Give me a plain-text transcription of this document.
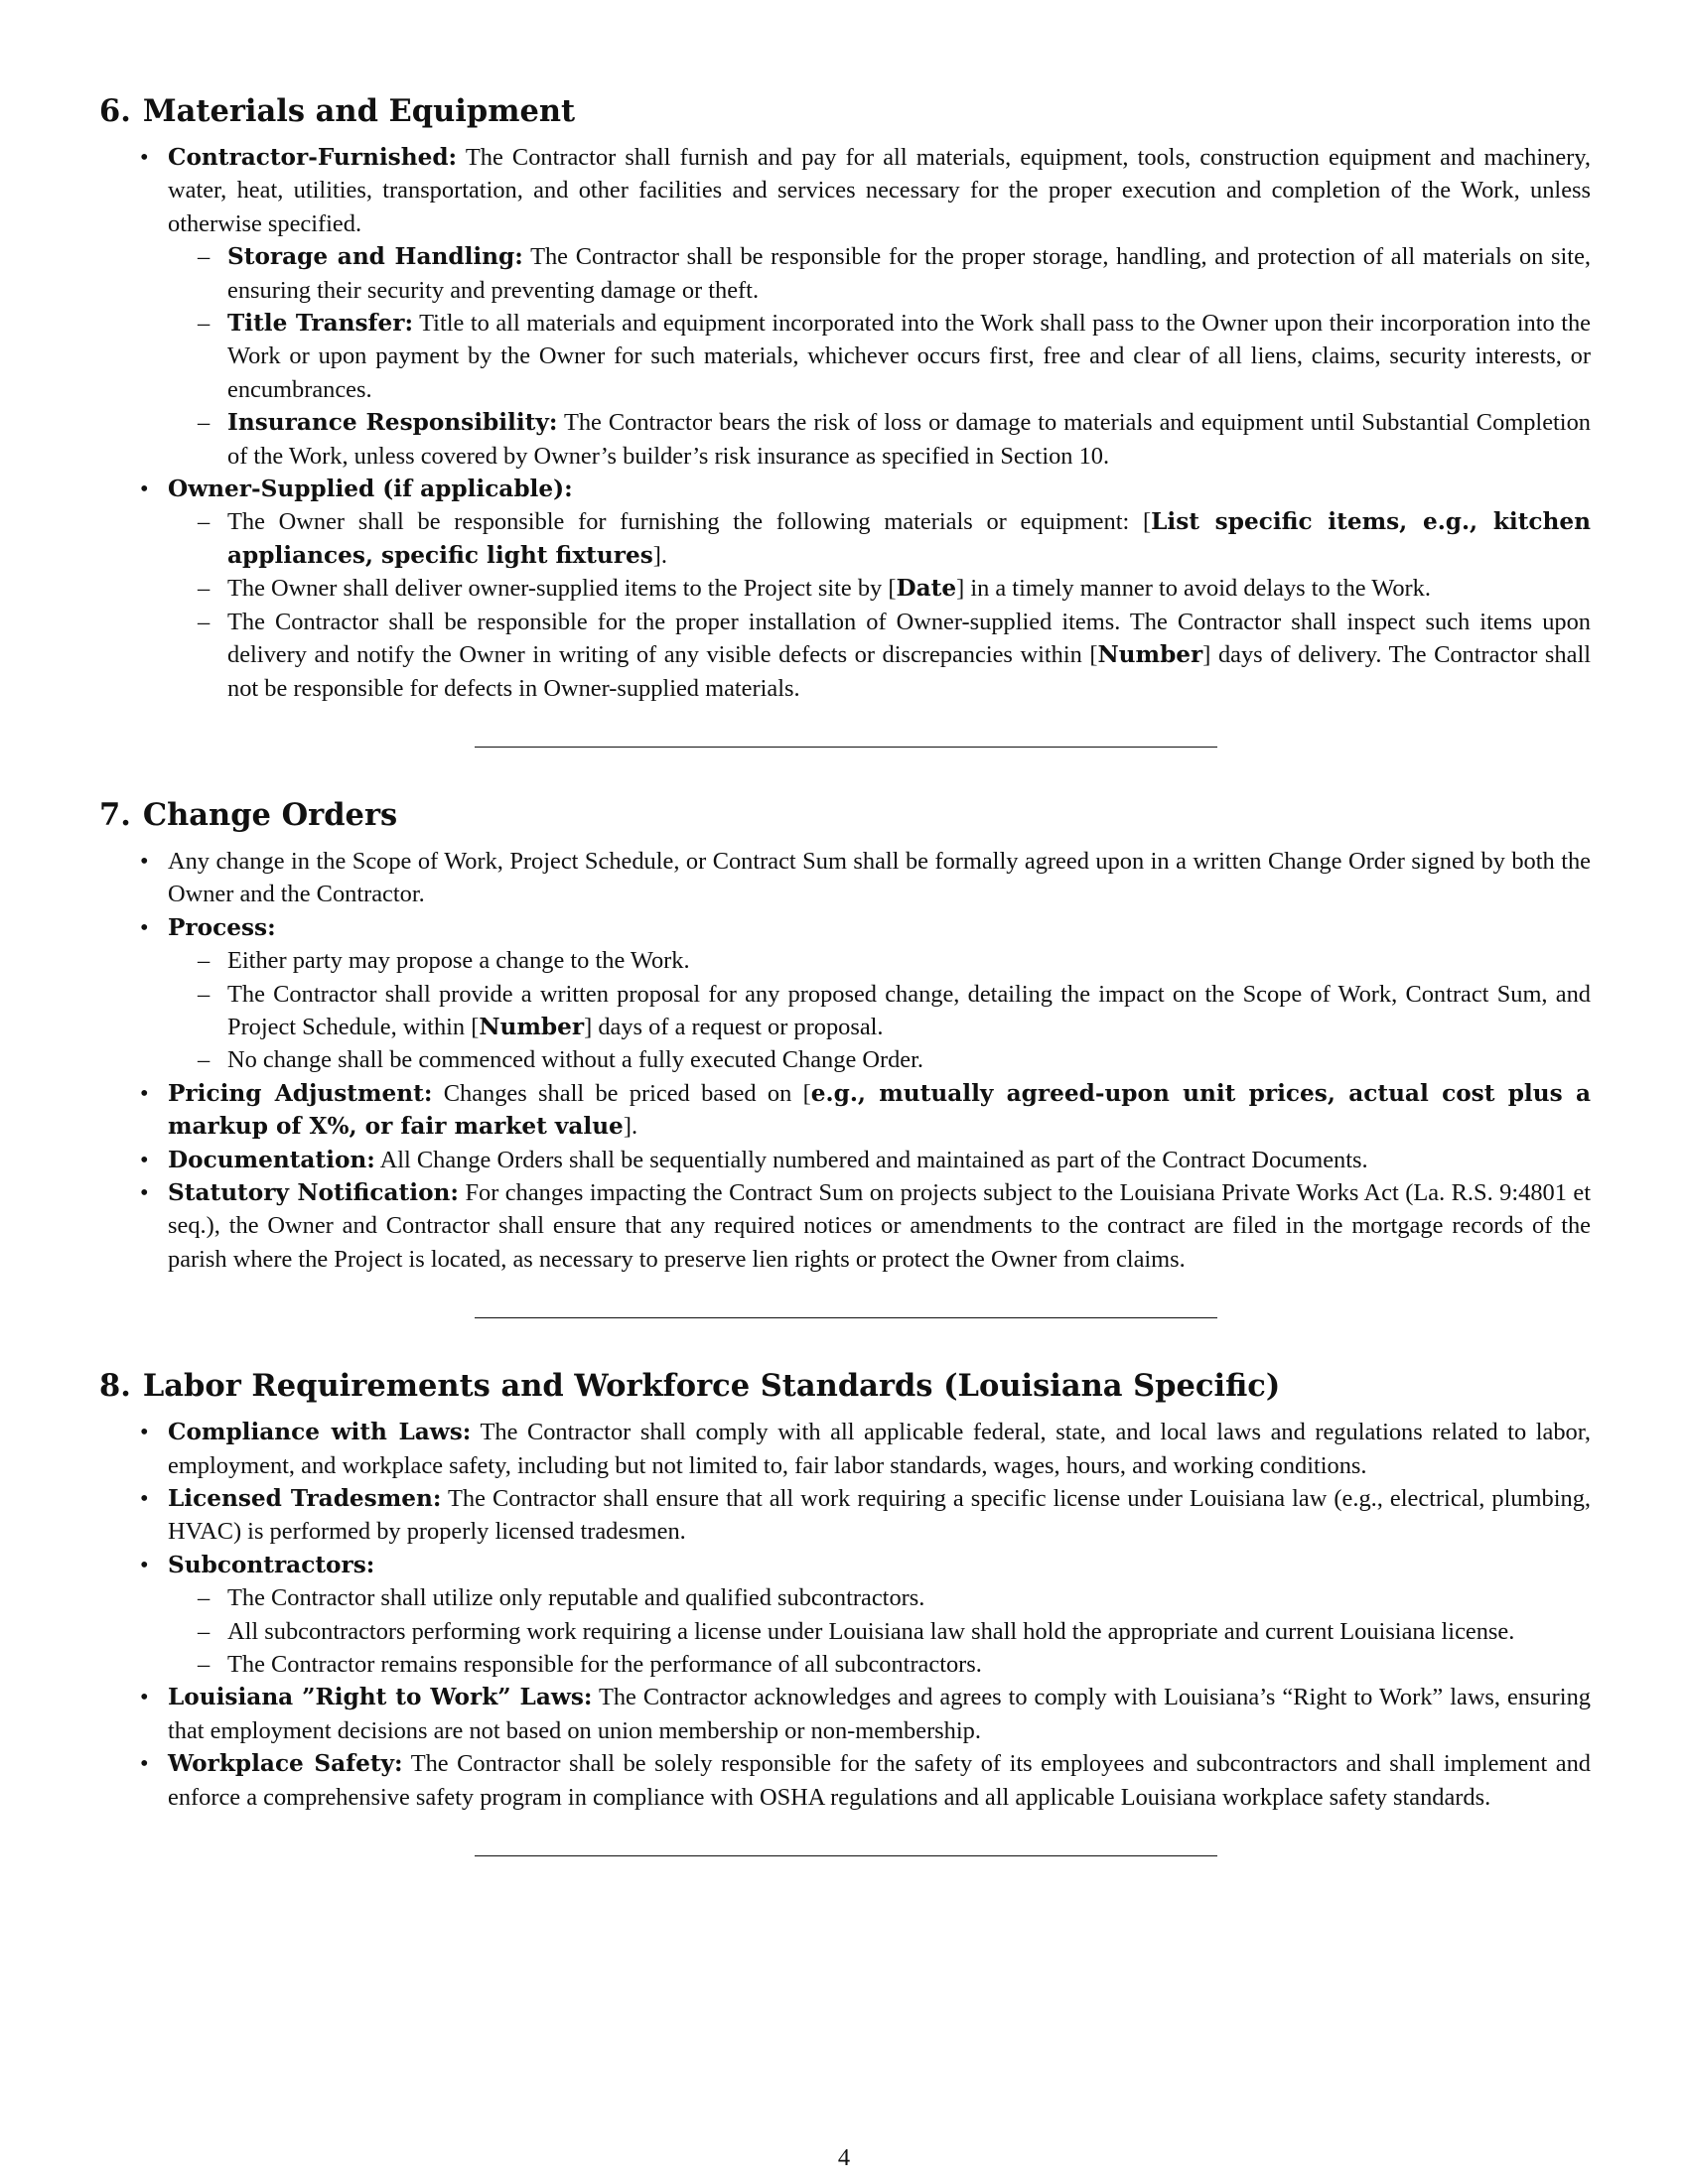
6. Materials and Equipment
• Contractor-Furnished: The Contractor shall furnish and pay for all materials, equipment, tools, construction equipment and machinery, water, heat, utilities, transportation, and other facilities and services necessary for the proper execution and completion of the Work, unless otherwise specified.
– Storage and Handling: The Contractor shall be responsible for the proper storage, handling, and protection of all materials on site, ensuring their security and preventing damage or theft.
– Title Transfer: Title to all materials and equipment incorporated into the Work shall pass to the Owner upon their incorporation into the Work or upon payment by the Owner for such materials, whichever occurs first, free and clear of all liens, claims, security interests, or encumbrances.
– Insurance Responsibility: The Contractor bears the risk of loss or damage to materials and equipment until Substantial Completion of the Work, unless covered by Owner’s builder’s risk insurance as specified in Section 10.
• Owner-Supplied (if applicable):
– The Owner shall be responsible for furnishing the following materials or equipment: [List specific items, e.g., kitchen appliances, specific light fixtures].
– The Owner shall deliver owner-supplied items to the Project site by [Date] in a timely manner to avoid delays to the Work.
– The Contractor shall be responsible for the proper installation of Owner-supplied items. The Contractor shall inspect such items upon delivery and notify the Owner in writing of any visible defects or discrepancies within [Number] days of delivery. The Contractor shall not be responsible for defects in Owner-supplied materials.
7. Change Orders
• Any change in the Scope of Work, Project Schedule, or Contract Sum shall be formally agreed upon in a written Change Order signed by both the Owner and the Contractor.
• Process:
– Either party may propose a change to the Work.
– The Contractor shall provide a written proposal for any proposed change, detailing the impact on the Scope of Work, Contract Sum, and Project Schedule, within [Number] days of a request or proposal.
– No change shall be commenced without a fully executed Change Order.
• Pricing Adjustment: Changes shall be priced based on [e.g., mutually agreed-upon unit prices, actual cost plus a markup of X%, or fair market value].
• Documentation: All Change Orders shall be sequentially numbered and maintained as part of the Contract Documents.
• Statutory Notification: For changes impacting the Contract Sum on projects subject to the Louisiana Private Works Act (La. R.S. 9:4801 et seq.), the Owner and Contractor shall ensure that any required notices or amendments to the contract are filed in the mortgage records of the parish where the Project is located, as necessary to preserve lien rights or protect the Owner from claims.
8. Labor Requirements and Workforce Standards (Louisiana Specific)
• Compliance with Laws: The Contractor shall comply with all applicable federal, state, and local laws and regulations related to labor, employment, and workplace safety, including but not limited to, fair labor standards, wages, hours, and working conditions.
• Licensed Tradesmen: The Contractor shall ensure that all work requiring a specific license under Louisiana law (e.g., electrical, plumbing, HVAC) is performed by properly licensed tradesmen.
• Subcontractors:
– The Contractor shall utilize only reputable and qualified subcontractors.
– All subcontractors performing work requiring a license under Louisiana law shall hold the appropriate and current Louisiana license.
– The Contractor remains responsible for the performance of all subcontractors.
• Louisiana ”Right to Work” Laws: The Contractor acknowledges and agrees to comply with Louisiana’s “Right to Work” laws, ensuring that employment decisions are not based on union membership or non-membership.
• Workplace Safety: The Contractor shall be solely responsible for the safety of its employees and subcontractors and shall implement and enforce a comprehensive safety program in compliance with OSHA regulations and all applicable Louisiana workplace safety standards.
4
